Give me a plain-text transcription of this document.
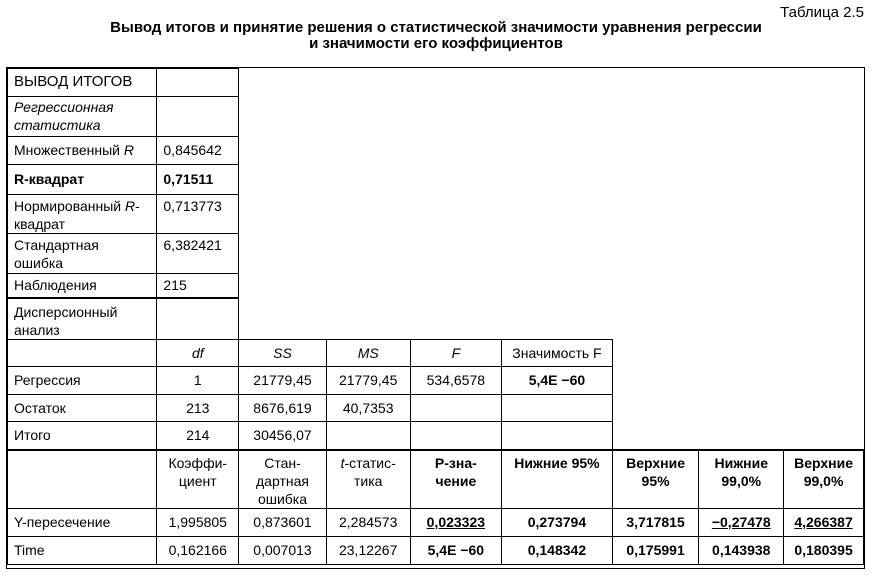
Таблица 2.5
Вывод итогов и принятие решения о статистической значимости уравнения регрессии
и значимости его коэффициентов
ВЫВОД ИТОГОВ								
Регрессионная статистика								
Множественный R	0,845642							
R-квадрат	0,71511							
Нормированный R-квадрат	0,713773							
Стандартная ошибка	6,382421							
Наблюдения	215							
Дисперсионный анализ								
	df	SS	MS	F	Значимость F			
Регрессия	1	21779,45	21779,45	534,6578	5,4E −60			
Остаток	213	8676,619	40,7353					
Итого	214	30456,07						
	Коэффи-циент	Стан-дартная ошибка	t-статис-тика	P-зна-чение	Нижние 95%	Верхние 95%	Нижние 99,0%	Верхние 99,0%
Y-пересечение	1,995805	0,873601	2,284573	0,023323	0,273794	3,717815	−0,27478	4,266387
Time	0,162166	0,007013	23,12267	5,4E −60	0,148342	0,175991	0,143938	0,180395
